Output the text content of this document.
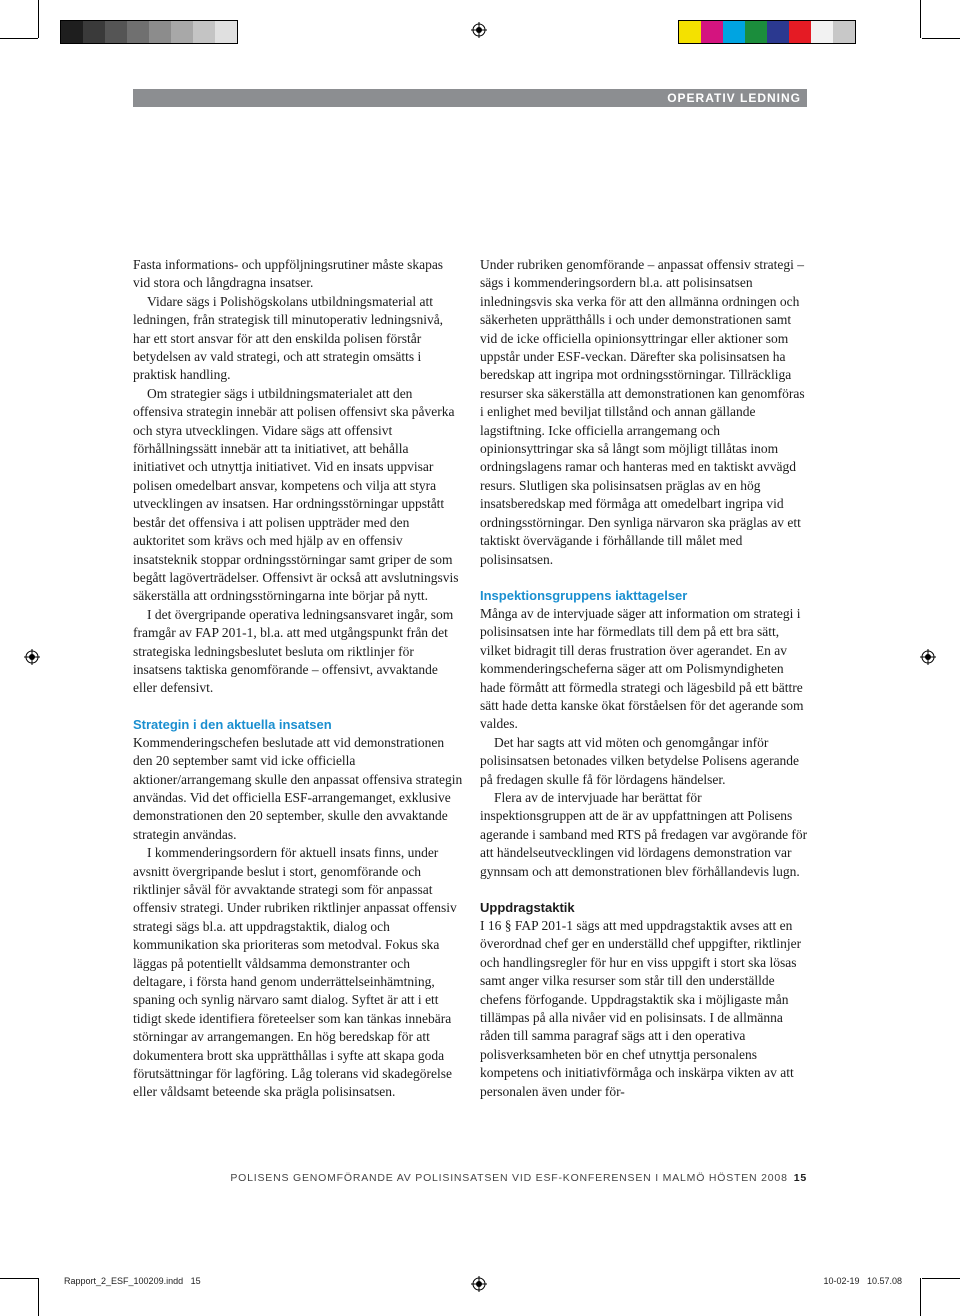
OPERATIV LEDNING

Fasta informations- och uppföljningsrutiner måste skapas vid stora och långdragna insatser.

Vidare sägs i Polishögskolans utbildningsmaterial att ledningen, från strategisk till minutoperativ ledningsnivå, har ett stort ansvar för att den enskilda polisen förstår betydelsen av vald strategi, och att strategin omsätts i praktisk handling.

Om strategier sägs i utbildningsmaterialet att den offensiva strategin innebär att polisen offensivt ska påverka och styra utvecklingen. Vidare sägs att offensivt förhållningssätt innebär att ta initiativet, att behålla initiativet och utnyttja initiativet. Vid en insats uppvisar polisen omedelbart ansvar, kompetens och vilja att styra utvecklingen av insatsen. Har ordningsstörningar uppstått består det offensiva i att polisen uppträder med den auktoritet som krävs och med hjälp av en offensiv insatsteknik stoppar ordningsstörningar samt griper de som begått lagöverträdelser. Offensivt är också att avslutningsvis säkerställa att ordningsstörningarna inte börjar på nytt.

I det övergripande operativa ledningsansvaret ingår, som framgår av FAP 201-1, bl.a. att med utgångspunkt från det strategiska ledningsbeslutet besluta om riktlinjer för insatsens taktiska genomförande – offensivt, avvaktande eller defensivt.

Strategin i den aktuella insatsen

Kommenderingschefen beslutade att vid demonstrationen den 20 september samt vid icke officiella aktioner/arrangemang skulle den anpassat offensiva strategin användas. Vid det officiella ESF-arrangemanget, exklusive demonstrationen den 20 september, skulle den avvaktande strategin användas.

I kommenderingsordern för aktuell insats finns, under avsnitt övergripande beslut i stort, genomförande och riktlinjer såväl för avvaktande strategi som för anpassat offensiv strategi. Under rubriken riktlinjer anpassat offensiv strategi sägs bl.a. att uppdragstaktik, dialog och kommunikation ska prioriteras som metodval. Fokus ska läggas på potentiellt våldsamma demonstranter och deltagare, i första hand genom underrättelseinhämtning, spaning och synlig närvaro samt dialog. Syftet är att i ett tidigt skede identifiera företeelser som kan tänkas innebära störningar av arrangemangen. En hög beredskap för att dokumentera brott ska upprätthållas i syfte att skapa goda förutsättningar för lagföring. Låg tolerans vid skadegörelse eller våldsamt beteende ska prägla polisinsatsen.

Under rubriken genomförande – anpassat offensiv strategi – sägs i kommenderingsordern bl.a. att polisinsatsen inledningsvis ska verka för att den allmänna ordningen och säkerheten upprätthålls i och under demonstrationen samt vid de icke officiella opinionsyttringar eller aktioner som uppstår under ESF-veckan. Därefter ska polisinsatsen ha beredskap att ingripa mot ordningsstörningar. Tillräckliga resurser ska säkerställa att demonstrationen kan genomföras i enlighet med beviljat tillstånd och annan gällande lagstiftning. Icke officiella arrangemang och opinionsyttringar ska så långt som möjligt tillåtas inom ordningslagens ramar och hanteras med en taktiskt avvägd resurs. Slutligen ska polisinsatsen präglas av en hög insatsberedskap med förmåga att omedelbart ingripa vid ordningsstörningar. Den synliga närvaron ska präglas av ett taktiskt övervägande i förhållande till målet med polisinsatsen.

Inspektionsgruppens iakttagelser

Många av de intervjuade säger att information om strategi i polisinsatsen inte har förmedlats till dem på ett bra sätt, vilket bidragit till deras frustration över agerandet. En av kommenderingscheferna säger att om Polismyndigheten hade förmått att förmedla strategi och lägesbild på ett bättre sätt hade detta kanske ökat förståelsen för det agerande som valdes.

Det har sagts att vid möten och genomgångar inför polisinsatsen betonades vilken betydelse Polisens agerande på fredagen skulle få för lördagens händelser.

Flera av de intervjuade har berättat för inspektionsgruppen att de är av uppfattningen att Polisens agerande i samband med RTS på fredagen var avgörande för att händelseutvecklingen vid lördagens demonstration var gynnsam och att demonstrationen blev förhållandevis lugn.

Uppdragstaktik

I 16 § FAP 201-1 sägs att med uppdragstaktik avses att en överordnad chef ger en underställd chef uppgifter, riktlinjer och handlingsregler för hur en viss uppgift i stort ska lösas samt anger vilka resurser som står till den underställde chefens förfogande. Uppdragstaktik ska i möjligaste mån tillämpas på alla nivåer vid en polisinsats. I de allmänna råden till samma paragraf sägs att i den operativa polisverksamheten bör en chef utnyttja personalens kompetens och initiativförmåga och inskärpa vikten av att personalen även under för-

POLISENS GENOMFÖRANDE AV POLISINSATSEN VID ESF-KONFERENSEN I MALMÖ HÖSTEN 2008 15
Rapport_2_ESF_100209.indd   15	10-02-19   10.57.08
